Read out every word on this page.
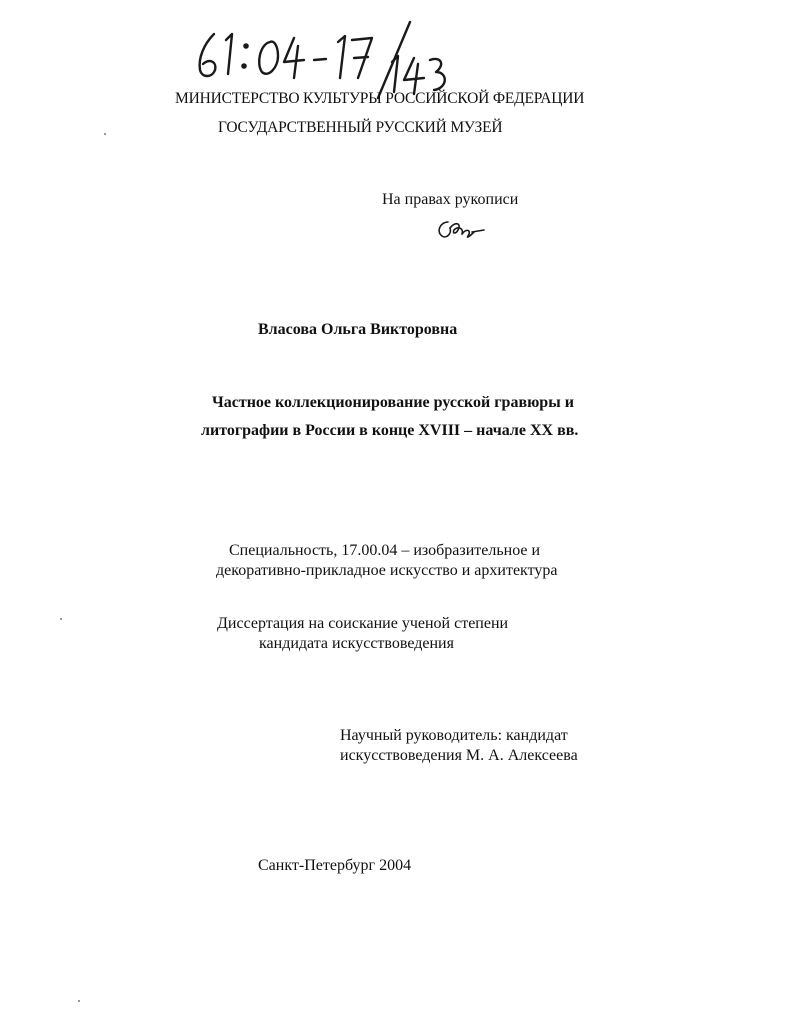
МИНИСТЕРСТВО КУЛЬТУРЫ РОССИЙСКОЙ ФЕДЕРАЦИИ
ГОСУДАРСТВЕННЫЙ РУССКИЙ МУЗЕЙ
На правах рукописи
Власова Ольга Викторовна
Частное коллекционирование русской гравюры и
литографии в России в конце XVIII – начале XX вв.
Специальность, 17.00.04 – изобразительное и
декоративно-прикладное искусство и архитектура
Диссертация на соискание ученой степени
кандидата искусствоведения
Научный руководитель: кандидат
искусствоведения М. А. Алексеева
Санкт-Петербург 2004
